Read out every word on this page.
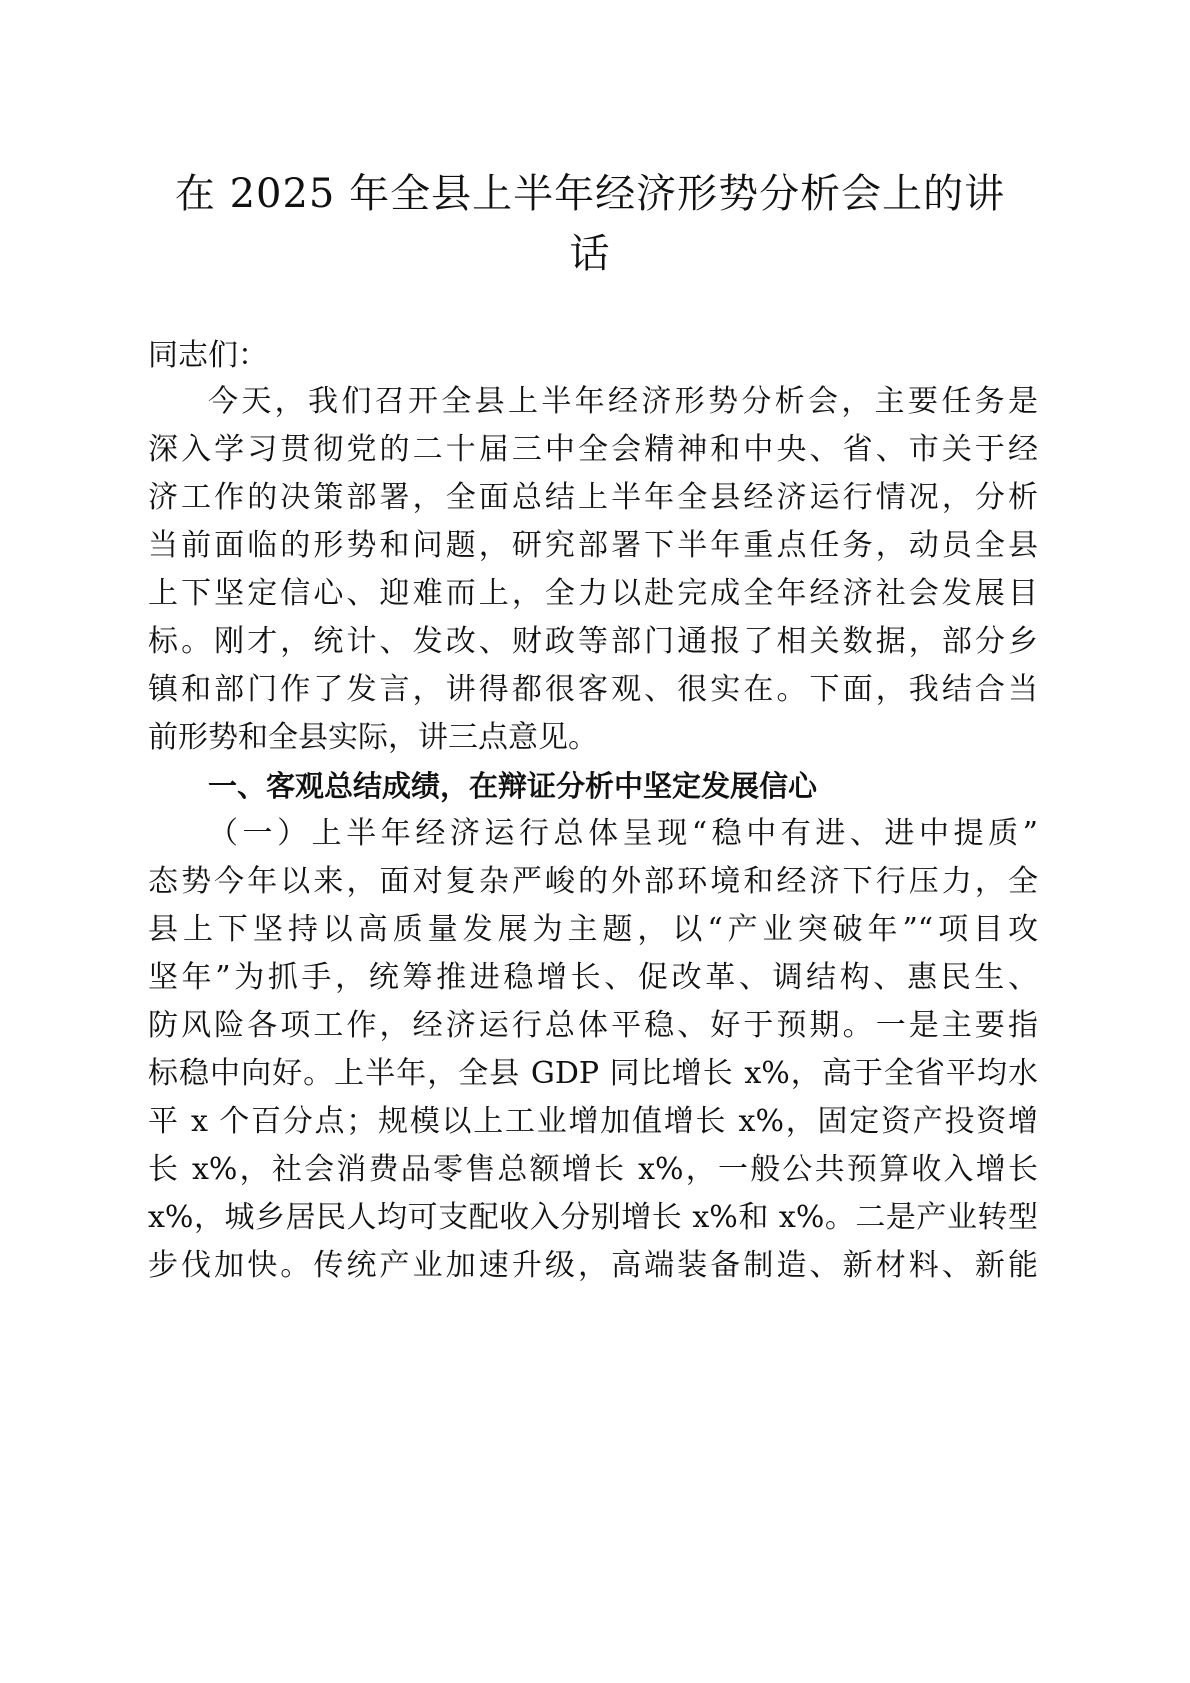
在 2025 年全县上半年经济形势分析会上的讲
话
同志们：
今天，我们召开全县上半年经济形势分析会，主要任务是
深入学习贯彻党的二十届三中全会精神和中央、省、市关于经
济工作的决策部署，全面总结上半年全县经济运行情况，分析
当前面临的形势和问题，研究部署下半年重点任务，动员全县
上下坚定信心、迎难而上，全力以赴完成全年经济社会发展目
标。刚才，统计、发改、财政等部门通报了相关数据，部分乡
镇和部门作了发言，讲得都很客观、很实在。下面，我结合当
前形势和全县实际，讲三点意见。
一、客观总结成绩，在辩证分析中坚定发展信心
（一）上半年经济运行总体呈现“稳中有进、进中提质”
态势今年以来，面对复杂严峻的外部环境和经济下行压力，全
县上下坚持以高质量发展为主题，以“产业突破年”“项目攻
坚年”为抓手，统筹推进稳增长、促改革、调结构、惠民生、
防风险各项工作，经济运行总体平稳、好于预期。一是主要指
标稳中向好。上半年，全县 GDP 同比增长 x%，高于全省平均水
平 x 个百分点；规模以上工业增加值增长 x%，固定资产投资增
长 x%，社会消费品零售总额增长 x%，一般公共预算收入增长
x%，城乡居民人均可支配收入分别增长 x%和 x%。二是产业转型
步伐加快。传统产业加速升级，高端装备制造、新材料、新能
